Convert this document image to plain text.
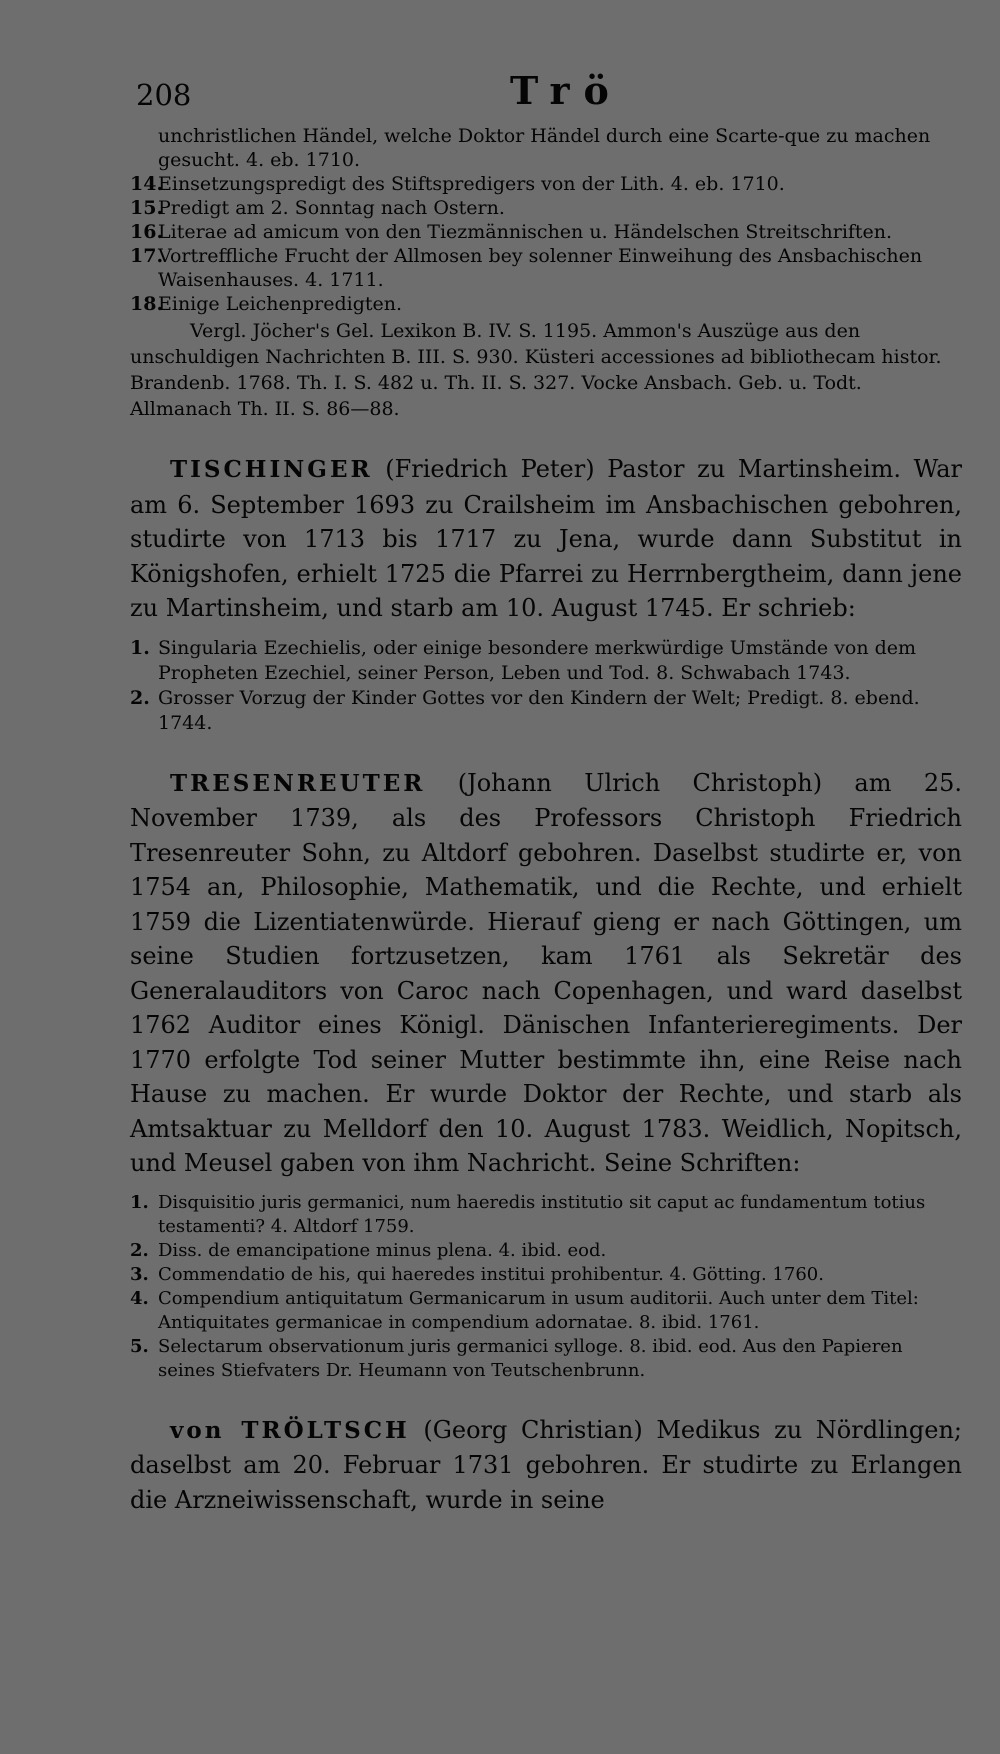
208	Trö

unchristlichen Händel, welche Doktor Händel durch eine Scarte-que zu machen gesucht. 4. eb. 1710.

14.
Einsetzungspredigt des Stiftspredigers von der Lith. 4. eb. 1710.
15.
Predigt am 2. Sonntag nach Ostern.
16.
Literae ad amicum von den Tiezmännischen u. Händelschen Streitschriften.
17.
Vortreffliche Frucht der Allmosen bey solenner Einweihung des Ansbachischen Waisenhauses. 4. 1711.
18.
Einige Leichenpredigten.

Vergl. Jöcher's Gel. Lexikon B. IV. S. 1195. Ammon's Auszüge aus den unschuldigen Nachrichten B. III. S. 930. Küsteri accessiones ad bibliothecam histor. Brandenb. 1768. Th. I. S. 482 u. Th. II. S. 327. Vocke Ansbach. Geb. u. Todt. Allmanach Th. II. S. 86—88.

TISCHINGER (Friedrich Peter) Pastor zu Martinsheim. War am 6. September 1693 zu Crailsheim im Ansbachischen gebohren, studirte von 1713 bis 1717 zu Jena, wurde dann Substitut in Königshofen, erhielt 1725 die Pfarrei zu Herrnbergtheim, dann jene zu Martinsheim, und starb am 10. August 1745. Er schrieb:

1. Singularia Ezechielis, oder einige besondere merkwürdige Umstände von dem Propheten Ezechiel, seiner Person, Leben und Tod. 8. Schwabach 1743.
2. Grosser Vorzug der Kinder Gottes vor den Kindern der Welt; Predigt. 8. ebend. 1744.

TRESENREUTER (Johann Ulrich Christoph) am 25. November 1739, als des Professors Christoph Friedrich Tresenreuter Sohn, zu Altdorf gebohren. Daselbst studirte er, von 1754 an, Philosophie, Mathematik, und die Rechte, und erhielt 1759 die Lizentiatenwürde. Hierauf gieng er nach Göttingen, um seine Studien fortzusetzen, kam 1761 als Sekretär des Generalauditors von Caroc nach Copenhagen, und ward daselbst 1762 Auditor eines Königl. Dänischen Infanterieregiments. Der 1770 erfolgte Tod seiner Mutter bestimmte ihn, eine Reise nach Hause zu machen. Er wurde Doktor der Rechte, und starb als Amtsaktuar zu Melldorf den 10. August 1783. Weidlich, Nopitsch, und Meusel gaben von ihm Nachricht. Seine Schriften:

1. Disquisitio juris germanici, num haeredis institutio sit caput ac fundamentum totius testamenti? 4. Altdorf 1759.
2. Diss. de emancipatione minus plena. 4. ibid. eod.
3. Commendatio de his, qui haeredes institui prohibentur. 4. Götting. 1760.
4. Compendium antiquitatum Germanicarum in usum auditorii. Auch unter dem Titel: Antiquitates germanicae in compendium adornatae. 8. ibid. 1761.
5. Selectarum observationum juris germanici sylloge. 8. ibid. eod. Aus den Papieren seines Stiefvaters Dr. Heumann von Teutschenbrunn.

von TRÖLTSCH (Georg Christian) Medikus zu Nördlingen; daselbst am 20. Februar 1731 gebohren. Er studirte zu Erlangen die Arzneiwissenschaft, wurde in seine
